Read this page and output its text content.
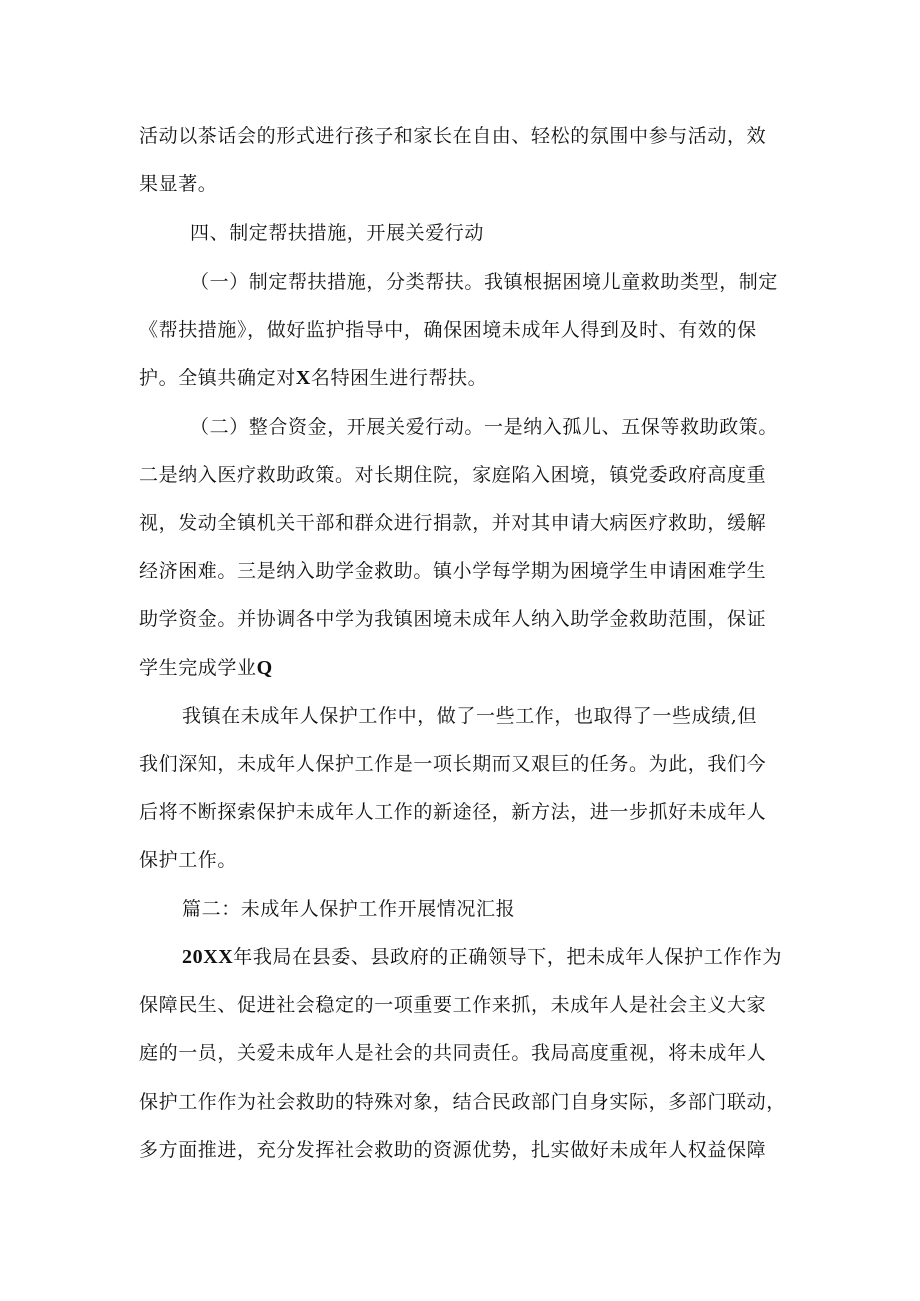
活动以茶话会的形式进行孩子和家长在自由、轻松的氛围中参与活动，效
果显著。
四、制定帮扶措施，开展关爱行动
（一）制定帮扶措施，分类帮扶。我镇根据困境儿童救助类型，制定
《帮扶措施》，做好监护指导中，确保困境未成年人得到及时、有效的保
护。全镇共确定对X名特困生进行帮扶。
（二）整合资金，开展关爱行动。一是纳入孤儿、五保等救助政策。
二是纳入医疗救助政策。对长期住院，家庭陷入困境，镇党委政府高度重
视，发动全镇机关干部和群众进行捐款，并对其申请大病医疗救助，缓解
经济困难。三是纳入助学金救助。镇小学每学期为困境学生申请困难学生
助学资金。并协调各中学为我镇困境未成年人纳入助学金救助范围，保证
学生完成学业Q
我镇在未成年人保护工作中，做了一些工作，也取得了一些成绩,但
我们深知，未成年人保护工作是一项长期而又艰巨的任务。为此，我们今
后将不断探索保护未成年人工作的新途径，新方法，进一步抓好未成年人
保护工作。
篇二：未成年人保护工作开展情况汇报
20XX年我局在县委、县政府的正确领导下，把未成年人保护工作作为
保障民生、促进社会稳定的一项重要工作来抓，未成年人是社会主义大家
庭的一员，关爱未成年人是社会的共同责任。我局高度重视，将未成年人
保护工作作为社会救助的特殊对象，结合民政部门自身实际，多部门联动，
多方面推进，充分发挥社会救助的资源优势，扎实做好未成年人权益保障
